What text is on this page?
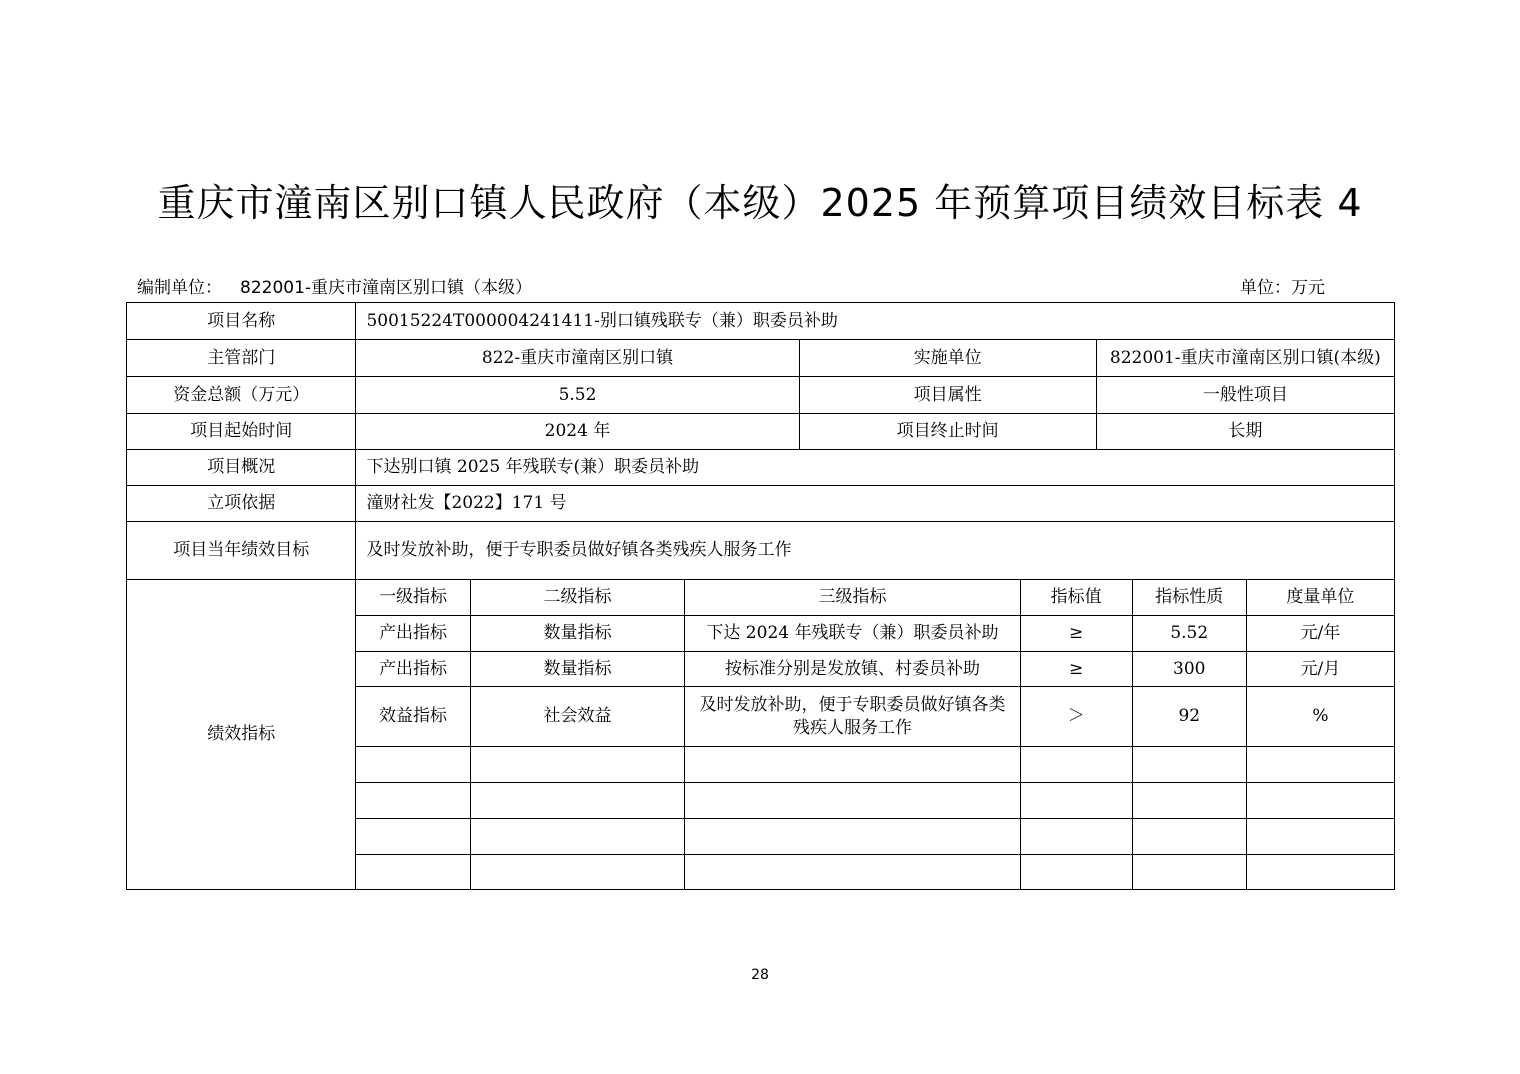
重庆市潼南区别口镇人民政府（本级）2025 年预算项目绩效目标表 4
编制单位： 822001-重庆市潼南区别口镇（本级）	单位：万元
项目名称	50015224T000004241411-别口镇残联专（兼）职委员补助							
主管部门	822-重庆市潼南区别口镇			实施单位		822001-重庆市潼南区别口镇(本级)		
资金总额（万元）	5.52			项目属性		一般性项目		
项目起始时间	2024 年			项目终止时间		长期		
项目概况	下达别口镇 2025 年残联专(兼）职委员补助							
立项依据	潼财社发【2022】171 号							
项目当年绩效目标	及时发放补助，便于专职委员做好镇各类残疾人服务工作							
绩效指标	一级指标	二级指标	三级指标		指标值		指标性质	度量单位
	产出指标	数量指标	下达 2024 年残联专（兼）职委员补助		≥		5.52	元/年
	产出指标	数量指标	按标准分别是发放镇、村委员补助		≥		300	元/月
	效益指标	社会效益	及时发放补助，便于专职委员做好镇各类残疾人服务工作		＞		92	%

28
